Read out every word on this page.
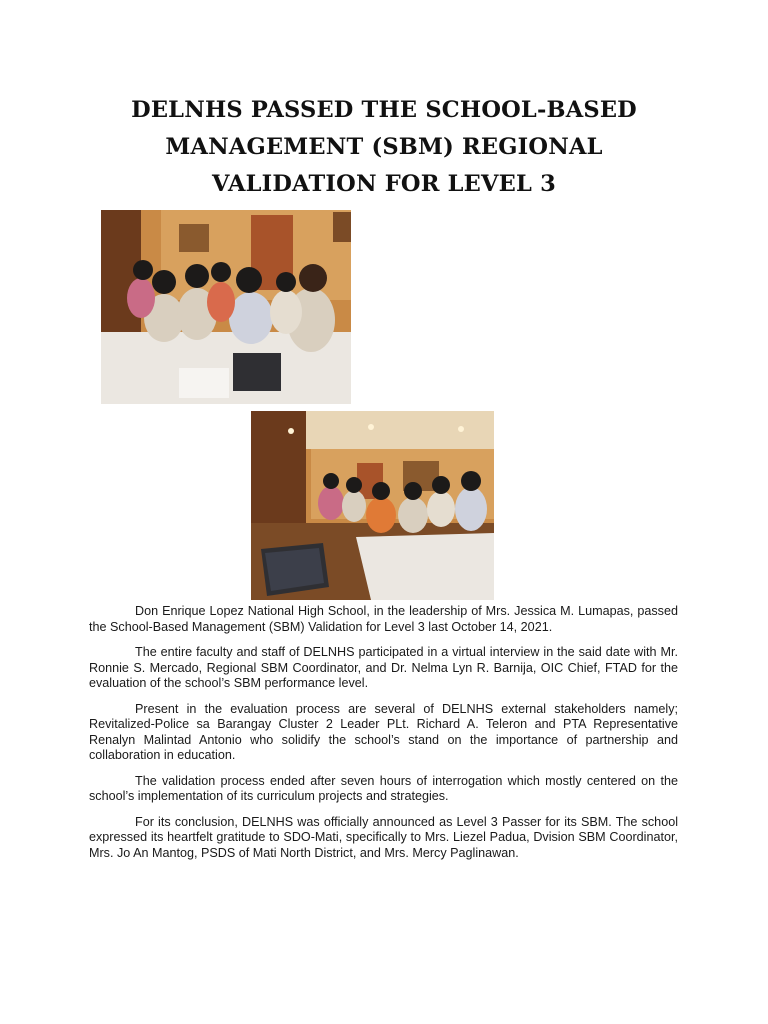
DELNHS PASSED THE SCHOOL-BASED
MANAGEMENT (SBM) REGIONAL
VALIDATION FOR LEVEL 3

Don Enrique Lopez National High School, in the leadership of Mrs. Jessica M. Lumapas, passed the School-Based Management (SBM) Validation for Level 3 last October 14, 2021.

The entire faculty and staff of DELNHS participated in a virtual interview in the said date with Mr. Ronnie S. Mercado, Regional SBM Coordinator, and Dr. Nelma Lyn R. Barnija, OIC Chief, FTAD for the evaluation of the school’s SBM performance level.

Present in the evaluation process are several of DELNHS external stakeholders namely; Revitalized-Police sa Barangay Cluster 2 Leader PLt. Richard A. Teleron and PTA Representative Renalyn Malintad Antonio who solidify the school’s stand on the importance of partnership and collaboration in education.

The validation process ended after seven hours of interrogation which mostly centered on the school’s implementation of its curriculum projects and strategies.

For its conclusion, DELNHS was officially announced as Level 3 Passer for its SBM. The school expressed its heartfelt gratitude to SDO-Mati, specifically to Mrs. Liezel Padua, Dvision SBM Coordinator, Mrs. Jo An Mantog, PSDS of Mati North District, and Mrs. Mercy Paglinawan.
